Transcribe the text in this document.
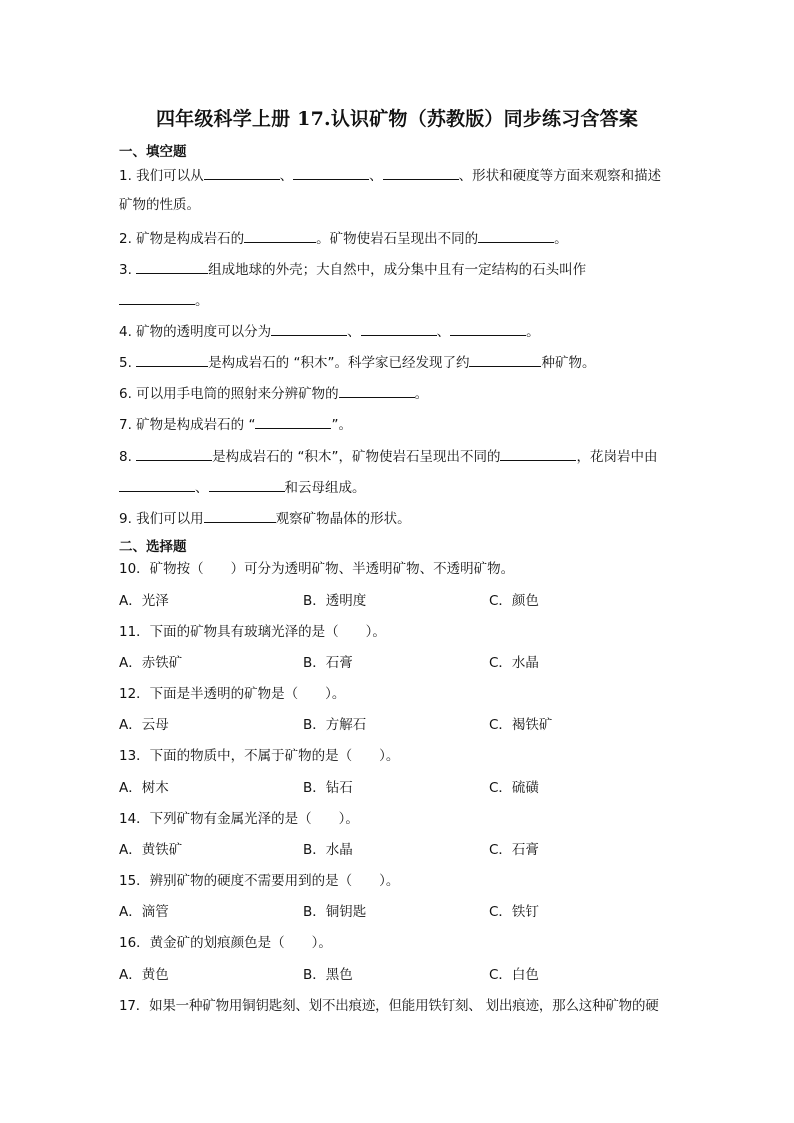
四年级科学上册 17.认识矿物（苏教版）同步练习含答案
一、填空题
1. 我们可以从	、	、	、形状和硬度等方面来观察和描述
矿物的性质。
2. 矿物是构成岩石的	。矿物使岩石呈现出不同的	。
3.	组成地球的外壳；大自然中，成分集中且有一定结构的石头叫作
。
4. 矿物的透明度可以分为	、	、	。
5.	是构成岩石的 “积木”。科学家已经发现了约	种矿物。
6. 可以用手电筒的照射来分辨矿物的	。
7. 矿物是构成岩石的 “	”。
8.	是构成岩石的 “积木”，矿物使岩石呈现出不同的	，花岗岩中由
、	和云母组成。
9. 我们可以用	观察矿物晶体的形状。
二、选择题
10．矿物按（　　）可分为透明矿物、半透明矿物、不透明矿物。
A．光泽	B．透明度	C．颜色
11．下面的矿物具有玻璃光泽的是（　　）。
A．赤铁矿	B．石膏	C．水晶
12．下面是半透明的矿物是（　　）。
A．云母	B．方解石	C．褐铁矿
13．下面的物质中，不属于矿物的是（　　）。
A．树木	B．钻石	C．硫磺
14．下列矿物有金属光泽的是（　　）。
A．黄铁矿	B．水晶	C．石膏
15．辨别矿物的硬度不需要用到的是（　　）。
A．滴管	B．铜钥匙	C．铁钉
16．黄金矿的划痕颜色是（　　）。
A．黄色	B．黑色	C．白色
17．如果一种矿物用铜钥匙刻、划不出痕迹，但能用铁钉刻、 划出痕迹，那么这种矿物的硬
